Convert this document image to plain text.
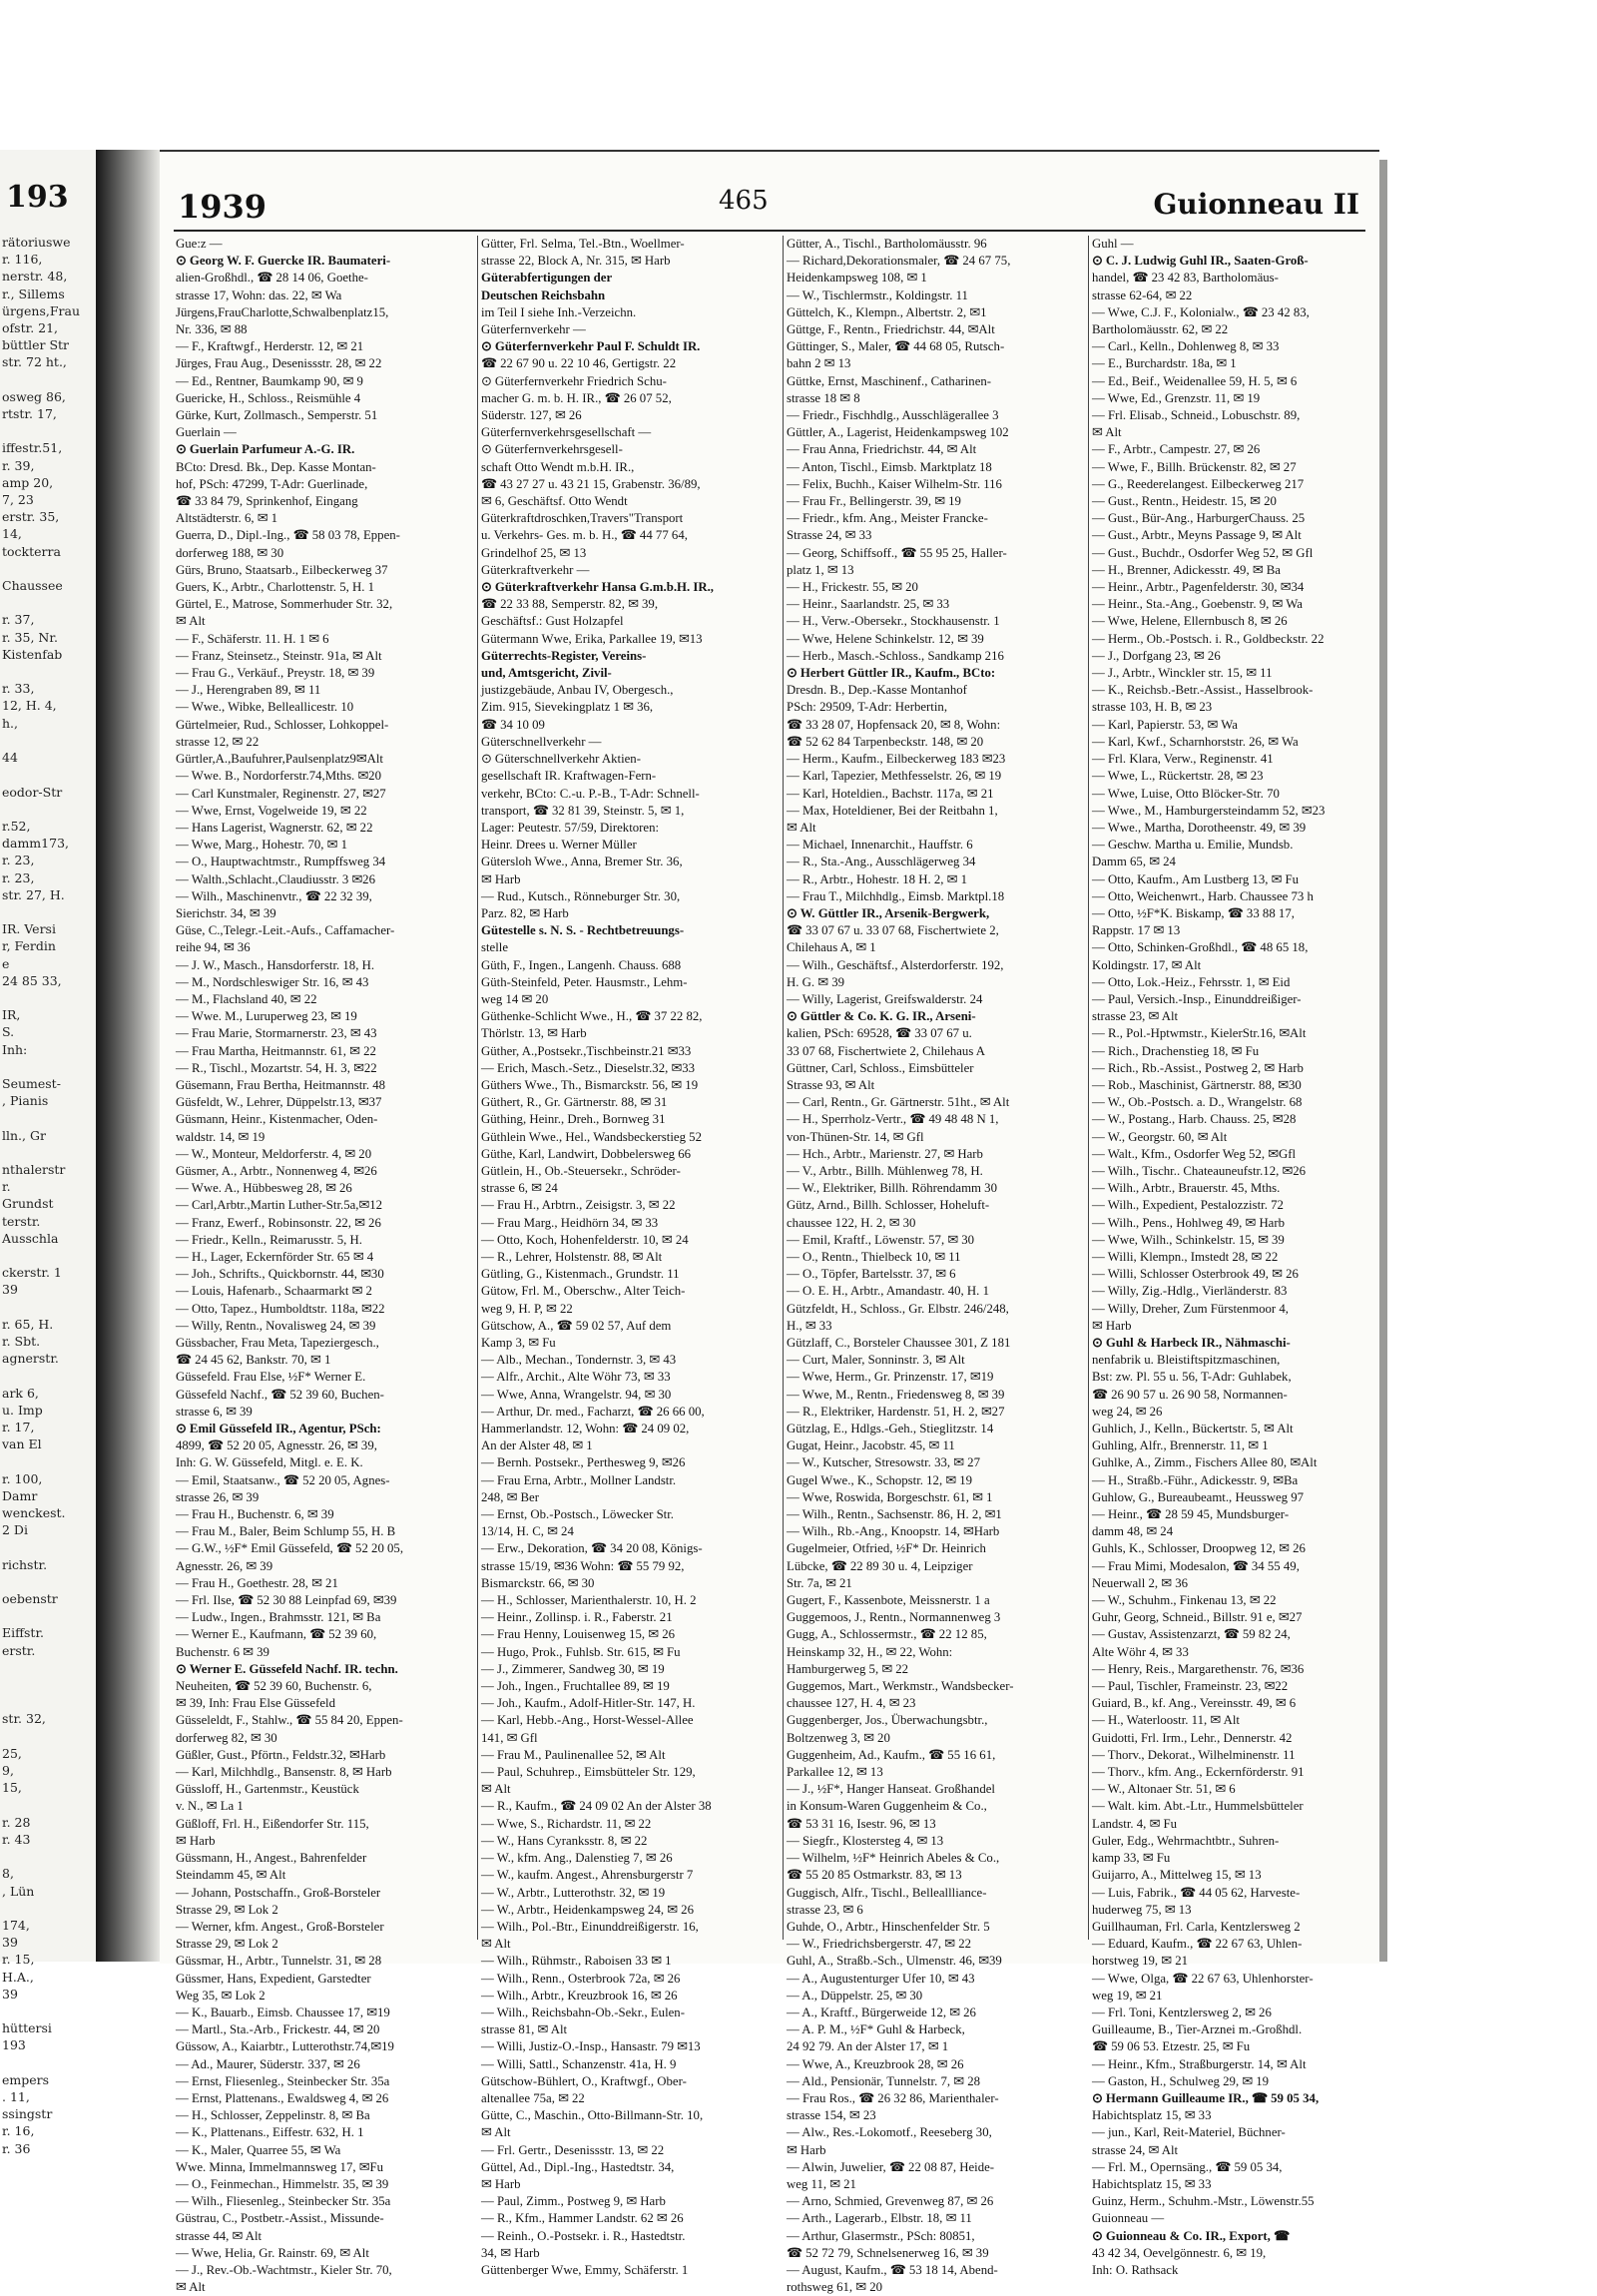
193
rätoriuswe
r. 116,
nerstr. 48,
r., Sillems
ürgens,Frau
ofstr. 21,
büttler Str
str. 72 ht.,

osweg 86,
rtstr. 17,

iffestr.51,
r. 39,
amp 20,
7, 23
erstr. 35,
14,
tockterra

Chaussee

r. 37,
r. 35, Nr.
Kistenfab

r. 33,
12, H. 4,
h.,

44

eodor-Str

r.52,
damm173,
r. 23,
r. 23,
str. 27, H.

IR. Versi
r, Ferdin
e
24 85 33,

IR,
S.
Inh:

Seumest-
, Pianis

lln., Gr

nthalerstr
r.
Grundst
terstr.
Ausschla

ckerstr. 1
39

r. 65, H.
r. Sbt.
agnerstr.

ark 6,
u. Imp
r. 17,
van El

r. 100,
Damr
wenckest.
2 Di

richstr.

oebenstr

Eiffstr.
erstr.

str. 32,

25,
9,
15,

r. 28
r. 43

8,
, Lün

174,
39
r. 15,
H.A.,
39

hüttersi
193

empers
. 11,
ssingstr
r. 16,
r. 36
1939	465	Guionneau II
Gue:z —
⊙ Georg W. F. Guercke IR. Baumateri-
alien-Großhdl., ☎ 28 14 06, Goethe-
strasse 17, Wohn: das. 22, ✉ Wa
Jürgens,FrauCharlotte,Schwalbenplatz15,
Nr. 336, ✉ 88
— F., Kraftwgf., Herderstr. 12, ✉ 21
Jürges, Frau Aug., Desenissstr. 28, ✉ 22
— Ed., Rentner, Baumkamp 90, ✉ 9
Guericke, H., Schloss., Reismühle 4
Gürke, Kurt, Zollmasch., Semperstr. 51
Guerlain —
⊙ Guerlain Parfumeur A.-G. IR.
BCto: Dresd. Bk., Dep. Kasse Montan-
hof, PSch: 47299, T-Adr: Guerlinade,
☎ 33 84 79, Sprinkenhof, Eingang
Altstädterstr. 6, ✉ 1
Guerra, D., Dipl.-Ing., ☎ 58 03 78, Eppen-
dorferweg 188, ✉ 30
Gürs, Bruno, Staatsarb., Eilbeckerweg 37
Guers, K., Arbtr., Charlottenstr. 5, H. 1
Gürtel, E., Matrose, Sommerhuder Str. 32,
✉ Alt
— F., Schäferstr. 11. H. 1 ✉ 6
— Franz, Steinsetz., Steinstr. 91a, ✉ Alt
— Frau G., Verkäuf., Preystr. 18, ✉ 39
— J., Herengraben 89, ✉ 11
— Wwe., Wibke, Belleallicestr. 10
Gürtelmeier, Rud., Schlosser, Lohkoppel-
strasse 12, ✉ 22
Gürtler,A.,Baufuhrer,Paulsenplatz9✉Alt
— Wwe. B., Nordorferstr.74,Mths. ✉20
— Carl Kunstmaler, Reginenstr. 27, ✉27
— Wwe, Ernst, Vogelweide 19, ✉ 22
— Hans Lagerist, Wagnerstr. 62, ✉ 22
— Wwe, Marg., Hohestr. 70, ✉ 1
— O., Hauptwachtmstr., Rumpffsweg 34
— Walth.,Schlacht.,Claudiusstr. 3 ✉26
— Wilh., Maschinenvtr., ☎ 22 32 39,
Sierichstr. 34, ✉ 39
Güse, C.,Telegr.-Leit.-Aufs., Caffamacher-
reihe 94, ✉ 36
— J. W., Masch., Hansdorferstr. 18, H.
— M., Nordschleswiger Str. 16, ✉ 43
— M., Flachsland 40, ✉ 22
— Wwe. M., Luruperweg 23, ✉ 19
— Frau Marie, Stormarnerstr. 23, ✉ 43
— Frau Martha, Heitmannstr. 61, ✉ 22
— R., Tischl., Mozartstr. 54, H. 3, ✉22
Güsemann, Frau Bertha, Heitmannstr. 48
Güsfeldt, W., Lehrer, Düppelstr.13, ✉37
Güsmann, Heinr., Kistenmacher, Oden-
waldstr. 14, ✉ 19
— W., Monteur, Meldorferstr. 4, ✉ 20
Güsmer, A., Arbtr., Nonnenweg 4, ✉26
— Wwe. A., Hübbesweg 28, ✉ 26
— Carl,Arbtr.,Martin Luther-Str.5a,✉12
— Franz, Ewerf., Robinsonstr. 22, ✉ 26
— Friedr., Kelln., Reimarusstr. 5, H.
— H., Lager, Eckernförder Str. 65 ✉ 4
— Joh., Schrifts., Quickbornstr. 44, ✉30
— Louis, Hafenarb., Schaarmarkt ✉ 2
— Otto, Tapez., Humboldtstr. 118a, ✉22
— Willy, Rentn., Novalisweg 24, ✉ 39
Güssbacher, Frau Meta, Tapeziergesch.,
☎ 24 45 62, Bankstr. 70, ✉ 1
Güssefeld. Frau Else, ½F* Werner E.
Güssefeld Nachf., ☎ 52 39 60, Buchen-
strasse 6, ✉ 39
⊙ Emil Güssefeld IR., Agentur, PSch:
4899, ☎ 52 20 05, Agnesstr. 26, ✉ 39,
Inh: G. W. Güssefeld, Mitgl. e. E. K.
— Emil, Staatsanw., ☎ 52 20 05, Agnes-
strasse 26, ✉ 39
— Frau H., Buchenstr. 6, ✉ 39
— Frau M., Baler, Beim Schlump 55, H. B
— G.W., ½F* Emil Güssefeld, ☎ 52 20 05,
Agnesstr. 26, ✉ 39
— Frau H., Goethestr. 28, ✉ 21
— Frl. Ilse, ☎ 52 30 88 Leinpfad 69, ✉39
— Ludw., Ingen., Brahmsstr. 121, ✉ Ba
— Werner E., Kaufmann, ☎ 52 39 60,
Buchenstr. 6 ✉ 39
⊙ Werner E. Güssefeld Nachf. IR. techn.
Neuheiten, ☎ 52 39 60, Buchenstr. 6,
✉ 39, Inh: Frau Else Güssefeld
Güsseleldt, F., Stahlw., ☎ 55 84 20, Eppen-
dorferweg 82, ✉ 30
Güßler, Gust., Pförtn., Feldstr.32, ✉Harb
— Karl, Milchhdlg., Bansenstr. 8, ✉ Harb
Güssloff, H., Gartenmstr., Keustück
v. N., ✉ La 1
Güßloff, Frl. H., Eißendorfer Str. 115,
✉ Harb
Güssmann, H., Angest., Bahrenfelder
Steindamm 45, ✉ Alt
— Johann, Postschaffn., Groß-Borsteler
Strasse 29, ✉ Lok 2
— Werner, kfm. Angest., Groß-Borsteler
Strasse 29, ✉ Lok 2
Güssmar, H., Arbtr., Tunnelstr. 31, ✉ 28
Güssmer, Hans, Expedient, Garstedter
Weg 35, ✉ Lok 2
— K., Bauarb., Eimsb. Chaussee 17, ✉19
— Martl., Sta.-Arb., Frickestr. 44, ✉ 20
Güssow, A., Kaiarbtr., Lutterothstr.74,✉19
— Ad., Maurer, Süderstr. 337, ✉ 26
— Ernst, Fliesenleg., Steinbecker Str. 35a
— Ernst, Plattenans., Ewaldsweg 4, ✉ 26
— H., Schlosser, Zeppelinstr. 8, ✉ Ba
— K., Plattenans., Eiffestr. 632, H. 1
— K., Maler, Quarree 55, ✉ Wa
Wwe. Minna, Immelmannsweg 17, ✉Fu
— O., Feinmechan., Himmelstr. 35, ✉ 39
— Wilh., Fliesenleg., Steinbecker Str. 35a
Güstrau, C., Postbetr.-Assist., Missunde-
strasse 44, ✉ Alt
— Wwe, Helia, Gr. Rainstr. 69, ✉ Alt
— J., Rev.-Ob.-Wachtmstr., Kieler Str. 70,
✉ Alt
Gütter, Frl. Selma, Tel.-Btn., Woellmer-
strasse 22, Block A, Nr. 315, ✉ Harb
Güterabfertigungen der
Deutschen Reichsbahn
im Teil I siehe Inh.-Verzeichn.
Güterfernverkehr —
⊙ Güterfernverkehr Paul F. Schuldt IR.
☎ 22 67 90 u. 22 10 46, Gertigstr. 22
⊙ Güterfernverkehr Friedrich Schu-
macher G. m. b. H. IR., ☎ 26 07 52,
Süderstr. 127, ✉ 26
Güterfernverkehrsgesellschaft —
⊙ Güterfernverkehrsgesell-
schaft Otto Wendt m.b.H. IR.,
☎ 43 27 27 u. 43 21 15, Grabenstr. 36/89,
✉ 6, Geschäftsf. Otto Wendt
Güterkraftdroschken,Travers"Transport
u. Verkehrs- Ges. m. b. H., ☎ 44 77 64,
Grindelhof 25, ✉ 13
Güterkraftverkehr —
⊙ Güterkraftverkehr Hansa G.m.b.H. IR.,
☎ 22 33 88, Semperstr. 82, ✉ 39,
Geschäftsf.: Gust Holzapfel
Gütermann Wwe, Erika, Parkallee 19, ✉13
Güterrechts-Register, Vereins-
und, Amtsgericht, Zivil-
justizgebäude, Anbau IV, Obergesch.,
Zim. 915, Sievekingplatz 1 ✉ 36,
☎ 34 10 09
Güterschnellverkehr —
⊙ Güterschnellverkehr Aktien-
gesellschaft IR. Kraftwagen-Fern-
verkehr, BCto: C.-u. P.-B., T-Adr: Schnell-
transport, ☎ 32 81 39, Steinstr. 5, ✉ 1,
Lager: Peutestr. 57/59, Direktoren:
Heinr. Drees u. Werner Müller
Gütersloh Wwe., Anna, Bremer Str. 36,
✉ Harb
— Rud., Kutsch., Rönneburger Str. 30,
Parz. 82, ✉ Harb
Gütestelle s. N. S. - Rechtbetreuungs-
stelle
Güth, F., Ingen., Langenh. Chauss. 688
Güth-Steinfeld, Peter. Hausmstr., Lehm-
weg 14 ✉ 20
Güthenke-Schlicht Wwe., H., ☎ 37 22 82,
Thörlstr. 13, ✉ Harb
Güther, A.,Postsekr.,Tischbeinstr.21 ✉33
— Erich, Masch.-Setz., Dieselstr.32, ✉33
Güthers Wwe., Th., Bismarckstr. 56, ✉ 19
Güthert, R., Gr. Gärtnerstr. 88, ✉ 31
Güthing, Heinr., Dreh., Bornweg 31
Güthlein Wwe., Hel., Wandsbeckerstieg 52
Güthe, Karl, Landwirt, Dobbelersweg 66
Gütlein, H., Ob.-Steuersekr., Schröder-
strasse 6, ✉ 24
— Frau H., Arbtrn., Zeisigstr. 3, ✉ 22
— Frau Marg., Heidhörn 34, ✉ 33
— Otto, Koch, Hohenfelderstr. 10, ✉ 24
— R., Lehrer, Holstenstr. 88, ✉ Alt
Gütling, G., Kistenmach., Grundstr. 11
Gütow, Frl. M., Oberschw., Alter Teich-
weg 9, H. P, ✉ 22
Gütschow, A., ☎ 59 02 57, Auf dem
Kamp 3, ✉ Fu
— Alb., Mechan., Tondernstr. 3, ✉ 43
— Alfr., Archit., Alte Wöhr 73, ✉ 33
— Wwe, Anna, Wrangelstr. 94, ✉ 30
— Arthur, Dr. med., Facharzt, ☎ 26 66 00,
Hammerlandstr. 12, Wohn: ☎ 24 09 02,
An der Alster 48, ✉ 1
— Bernh. Postsekr., Perthesweg 9, ✉26
— Frau Erna, Arbtr., Mollner Landstr.
248, ✉ Ber
— Ernst, Ob.-Postsch., Löwecker Str.
13/14, H. C, ✉ 24
— Erw., Dekoration, ☎ 34 20 08, Königs-
strasse 15/19, ✉36 Wohn: ☎ 55 79 92,
Bismarckstr. 66, ✉ 30
— H., Schlosser, Marienthalerstr. 10, H. 2
— Heinr., Zollinsp. i. R., Faberstr. 21
— Frau Henny, Louisenweg 15, ✉ 26
— Hugo, Prok., Fuhlsb. Str. 615, ✉ Fu
— J., Zimmerer, Sandweg 30, ✉ 19
— Joh., Ingen., Fruchtallee 89, ✉ 19
— Joh., Kaufm., Adolf-Hitler-Str. 147, H.
— Karl, Hebb.-Ang., Horst-Wessel-Allee
141, ✉ Gfl
— Frau M., Paulinenallee 52, ✉ Alt
— Paul, Schuhrep., Eimsbütteler Str. 129,
✉ Alt
— R., Kaufm., ☎ 24 09 02 An der Alster 38
— Wwe, S., Richardstr. 11, ✉ 22
— W., Hans Cyranksstr. 8, ✉ 22
— W., kfm. Ang., Dalenstieg 7, ✉ 26
— W., kaufm. Angest., Ahrensburgerstr 7
— W., Arbtr., Lutterothstr. 32, ✉ 19
— W., Arbtr., Heidenkampsweg 24, ✉ 26
— Wilh., Pol.-Btr., Einunddreißigerstr. 16,
✉ Alt
— Wilh., Rühmstr., Raboisen 33 ✉ 1
— Wilh., Renn., Osterbrook 72a, ✉ 26
— Wilh., Arbtr., Kreuzbrook 16, ✉ 26
— Wilh., Reichsbahn-Ob.-Sekr., Eulen-
strasse 81, ✉ Alt
— Willi, Justiz-O.-Insp., Hansastr. 79 ✉13
— Willi, Sattl., Schanzenstr. 41a, H. 9
Gütschow-Bühlert, O., Kraftwgf., Ober-
altenallee 75a, ✉ 22
Gütte, C., Maschin., Otto-Billmann-Str. 10,
✉ Alt
— Frl. Gertr., Desenissstr. 13, ✉ 22
Güttel, Ad., Dipl.-Ing., Hastedtstr. 34,
✉ Harb
— Paul, Zimm., Postweg 9, ✉ Harb
— R., Kfm., Hammer Landstr. 62 ✉ 26
— Reinh., O.-Postsekr. i. R., Hastedtstr.
34, ✉ Harb
Güttenberger Wwe, Emmy, Schäferstr. 1
Gütter, A., Tischl., Bartholomäusstr. 96
— Richard,Dekorationsmaler, ☎ 24 67 75,
Heidenkampsweg 108, ✉ 1
— W., Tischlermstr., Koldingstr. 11
Güttelch, K., Klempn., Albertstr. 2, ✉1
Güttge, F., Rentn., Friedrichstr. 44, ✉Alt
Güttinger, S., Maler, ☎ 44 68 05, Rutsch-
bahn 2 ✉ 13
Güttke, Ernst, Maschinenf., Catharinen-
strasse 18 ✉ 8
— Friedr., Fischhdlg., Ausschlägerallee 3
Güttler, A., Lagerist, Heidenkampsweg 102
— Frau Anna, Friedrichstr. 44, ✉ Alt
— Anton, Tischl., Eimsb. Marktplatz 18
— Felix, Buchh., Kaiser Wilhelm-Str. 116
— Frau Fr., Bellingerstr. 39, ✉ 19
— Friedr., kfm. Ang., Meister Francke-
Strasse 24, ✉ 33
— Georg, Schiffsoff., ☎ 55 95 25, Haller-
platz 1, ✉ 13
— H., Frickestr. 55, ✉ 20
— Heinr., Saarlandstr. 25, ✉ 33
— H., Verw.-Obersekr., Stockhausenstr. 1
— Wwe, Helene Schinkelstr. 12, ✉ 39
— Herb., Masch.-Schloss., Sandkamp 216
⊙ Herbert Güttler IR., Kaufm., BCto:
Dresdn. B., Dep.-Kasse Montanhof
PSch: 29509, T-Adr: Herbertin,
☎ 33 28 07, Hopfensack 20, ✉ 8, Wohn:
☎ 52 62 84 Tarpenbeckstr. 148, ✉ 20
— Herm., Kaufm., Eilbeckerweg 183 ✉23
— Karl, Tapezier, Methfesselstr. 26, ✉ 19
— Karl, Hoteldien., Bachstr. 117a, ✉ 21
— Max, Hoteldiener, Bei der Reitbahn 1,
✉ Alt
— Michael, Innenarchit., Hauffstr. 6
— R., Sta.-Ang., Ausschlägerweg 34
— R., Arbtr., Hohestr. 18 H. 2, ✉ 1
— Frau T., Milchhdlg., Eimsb. Marktpl.18
⊙ W. Güttler IR., Arsenik-Bergwerk,
☎ 33 07 67 u. 33 07 68, Fischertwiete 2,
Chilehaus A, ✉ 1
— Wilh., Geschäftsf., Alsterdorferstr. 192,
H. G. ✉ 39
— Willy, Lagerist, Greifswalderstr. 24
⊙ Güttler & Co. K. G. IR., Arseni-
kalien, PSch: 69528, ☎ 33 07 67 u.
33 07 68, Fischertwiete 2, Chilehaus A
Güttner, Carl, Schloss., Eimsbütteler
Strasse 93, ✉ Alt
— Carl, Rentn., Gr. Gärtnerstr. 51ht., ✉ Alt
— H., Sperrholz-Vertr., ☎ 49 48 48 N 1,
von-Thünen-Str. 14, ✉ Gfl
— Hch., Arbtr., Marienstr. 27, ✉ Harb
— V., Arbtr., Billh. Mühlenweg 78, H.
— W., Elektriker, Billh. Röhrendamm 30
Gütz, Arnd., Billh. Schlosser, Hoheluft-
chaussee 122, H. 2, ✉ 30
— Emil, Kraftf., Löwenstr. 57, ✉ 30
— O., Rentn., Thielbeck 10, ✉ 11
— O., Töpfer, Bartelsstr. 37, ✉ 6
— O. E. H., Arbtr., Amandastr. 40, H. 1
Gützfeldt, H., Schloss., Gr. Elbstr. 246/248,
H., ✉ 33
Gützlaff, C., Borsteler Chaussee 301, Z 181
— Curt, Maler, Sonninstr. 3, ✉ Alt
— Wwe, Herm., Gr. Prinzenstr. 17, ✉19
— Wwe, M., Rentn., Friedensweg 8, ✉ 39
— R., Elektriker, Hardenstr. 51, H. 2, ✉27
Gützlag, E., Hdlgs.-Geh., Stieglitzstr. 14
Gugat, Heinr., Jacobstr. 45, ✉ 11
— W., Kutscher, Stresowstr. 33, ✉ 27
Gugel Wwe., K., Schopstr. 12, ✉ 19
— Wwe, Roswida, Borgeschstr. 61, ✉ 1
— Wilh., Rentn., Sachsenstr. 86, H. 2, ✉1
— Wilh., Rb.-Ang., Knoopstr. 14, ✉Harb
Gugelmeier, Otfried, ½F* Dr. Heinrich
Lübcke, ☎ 22 89 30 u. 4, Leipziger
Str. 7a, ✉ 21
Gugert, F., Kassenbote, Meissnerstr. 1 a
Guggemoos, J., Rentn., Normannenweg 3
Gugg, A., Schlossermstr., ☎ 22 12 85,
Heinskamp 32, H., ✉ 22, Wohn:
Hamburgerweg 5, ✉ 22
Guggemos, Mart., Werkmstr., Wandsbecker-
chaussee 127, H. 4, ✉ 23
Guggenberger, Jos., Überwachungsbtr.,
Boltzenweg 3, ✉ 20
Guggenheim, Ad., Kaufm., ☎ 55 16 61,
Parkallee 12, ✉ 13
— J., ½F*, Hanger Hanseat. Großhandel
in Konsum-Waren Guggenheim & Co.,
☎ 53 31 16, Isestr. 96, ✉ 13
— Siegfr., Klostersteg 4, ✉ 13
— Wilhelm, ½F* Heinrich Abeles & Co.,
☎ 55 20 85 Ostmarkstr. 83, ✉ 13
Guggisch, Alfr., Tischl., Belleallliance-
strasse 23, ✉ 6
Guhde, O., Arbtr., Hinschenfelder Str. 5
— W., Friedrichsbergerstr. 47, ✉ 22
Guhl, A., Straßb.-Sch., Ulmenstr. 46, ✉39
— A., Augustenturger Ufer 10, ✉ 43
— A., Düppelstr. 25, ✉ 30
— A., Kraftf., Bürgerweide 12, ✉ 26
— A. P. M., ½F* Guhl & Harbeck,
24 92 79. An der Alster 17, ✉ 1
— Wwe, A., Kreuzbrook 28, ✉ 26
— Ald., Pensionär, Tunnelstr. 7, ✉ 28
— Frau Ros., ☎ 26 32 86, Marienthaler-
strasse 154, ✉ 23
— Alw., Res.-Lokomotf., Reeseberg 30,
✉ Harb
— Alwin, Juwelier, ☎ 22 08 87, Heide-
weg 11, ✉ 21
— Arno, Schmied, Grevenweg 87, ✉ 26
— Arth., Lagerarb., Elbstr. 18, ✉ 11
— Arthur, Glasermstr., PSch: 80851,
☎ 52 72 79, Schnelsenerweg 16, ✉ 39
— August, Kaufm., ☎ 53 18 14, Abend-
rothsweg 61, ✉ 20
Guhl —
⊙ C. J. Ludwig Guhl IR., Saaten-Groß-
handel, ☎ 23 42 83, Bartholomäus-
strasse 62-64, ✉ 22
— Wwe, C.J. F., Kolonialw., ☎ 23 42 83,
Bartholomäusstr. 62, ✉ 22
— Carl., Kelln., Dohlenweg 8, ✉ 33
— E., Burchardstr. 18a, ✉ 1
— Ed., Beif., Weidenallee 59, H. 5, ✉ 6
— Wwe, Ed., Grenzstr. 11, ✉ 19
— Frl. Elisab., Schneid., Lobuschstr. 89,
✉ Alt
— F., Arbtr., Campestr. 27, ✉ 26
— Wwe, F., Billh. Brückenstr. 82, ✉ 27
— G., Reederelangest. Eilbeckerweg 217
— Gust., Rentn., Heidestr. 15, ✉ 20
— Gust., Bür-Ang., HarburgerChauss. 25
— Gust., Arbtr., Meyns Passage 9, ✉ Alt
— Gust., Buchdr., Osdorfer Weg 52, ✉ Gfl
— H., Brenner, Adickesstr. 49, ✉ Ba
— Heinr., Arbtr., Pagenfelderstr. 30, ✉34
— Heinr., Sta.-Ang., Goebenstr. 9, ✉ Wa
— Wwe, Helene, Ellernbusch 8, ✉ 26
— Herm., Ob.-Postsch. i. R., Goldbeckstr. 22
— J., Dorfgang 23, ✉ 26
— J., Arbtr., Winckler str. 15, ✉ 11
— K., Reichsb.-Betr.-Assist., Hasselbrook-
strasse 103, H. B, ✉ 23
— Karl, Papierstr. 53, ✉ Wa
— Karl, Kwf., Scharnhorststr. 26, ✉ Wa
— Frl. Klara, Verw., Reginenstr. 41
— Wwe, L., Rückertstr. 28, ✉ 23
— Wwe, Luise, Otto Blöcker-Str. 70
— Wwe., M., Hamburgersteindamm 52, ✉23
— Wwe., Martha, Dorotheenstr. 49, ✉ 39
— Geschw. Martha u. Emilie, Mundsb.
Damm 65, ✉ 24
— Otto, Kaufm., Am Lustberg 13, ✉ Fu
— Otto, Weichenwrt., Harb. Chaussee 73 h
— Otto, ½F*K. Biskamp, ☎ 33 88 17,
Rappstr. 17 ✉ 13
— Otto, Schinken-Großhdl., ☎ 48 65 18,
Koldingstr. 17, ✉ Alt
— Otto, Lok.-Heiz., Fehrsstr. 1, ✉ Eid
— Paul, Versich.-Insp., Einunddreißiger-
strasse 23, ✉ Alt
— R., Pol.-Hptwmstr., KielerStr.16, ✉Alt
— Rich., Drachenstieg 18, ✉ Fu
— Rich., Rb.-Assist., Postweg 2, ✉ Harb
— Rob., Maschinist, Gärtnerstr. 88, ✉30
— W., Ob.-Postsch. a. D., Wrangelstr. 68
— W., Postang., Harb. Chauss. 25, ✉28
— W., Georgstr. 60, ✉ Alt
— Walt., Kfm., Osdorfer Weg 52, ✉Gfl
— Wilh., Tischr.. Chateauneufstr.12, ✉26
— Wilh., Arbtr., Brauerstr. 45, Mths.
— Wilh., Expedient, Pestalozzistr. 72
— Wilh., Pens., Hohlweg 49, ✉ Harb
— Wwe, Wilh., Schinkelstr. 15, ✉ 39
— Willi, Klempn., Imstedt 28, ✉ 22
— Willi, Schlosser Osterbrook 49, ✉ 26
— Willy, Zig.-Hdlg., Vierländerstr. 83
— Willy, Dreher, Zum Fürstenmoor 4,
✉ Harb
⊙ Guhl & Harbeck IR., Nähmaschi-
nenfabrik u. Bleistiftspitzmaschinen,
Bst: zw. Pl. 55 u. 56, T-Adr: Guhlabek,
☎ 26 90 57 u. 26 90 58, Normannen-
weg 24, ✉ 26
Guhlich, J., Kelln., Bückertstr. 5, ✉ Alt
Guhling, Alfr., Brennerstr. 11, ✉ 1
Guhlke, A., Zimm., Fischers Allee 80, ✉Alt
— H., Straßb.-Führ., Adickesstr. 9, ✉Ba
Guhlow, G., Bureaubeamt., Heussweg 97
— Heinr., ☎ 28 59 45, Mundsburger-
damm 48, ✉ 24
Guhls, K., Schlosser, Droopweg 12, ✉ 26
— Frau Mimi, Modesalon, ☎ 34 55 49,
Neuerwall 2, ✉ 36
— W., Schuhm., Finkenau 13, ✉ 22
Guhr, Georg, Schneid., Billstr. 91 e, ✉27
— Gustav, Assistenzarzt, ☎ 59 82 24,
Alte Wöhr 4, ✉ 33
— Henry, Reis., Margarethenstr. 76, ✉36
— Paul, Tischler, Frameinstr. 23, ✉22
Guiard, B., kf. Ang., Vereinsstr. 49, ✉ 6
— H., Waterloostr. 11, ✉ Alt
Guidotti, Frl. Irm., Lehr., Dennerstr. 42
— Thorv., Dekorat., Wilhelminenstr. 11
— Thorv., kfm. Ang., Eckernförderstr. 91
— W., Altonaer Str. 51, ✉ 6
— Walt. kim. Abt.-Ltr., Hummelsbütteler
Landstr. 4, ✉ Fu
Guler, Edg., Wehrmachtbtr., Suhren-
kamp 33, ✉ Fu
Guijarro, A., Mittelweg 15, ✉ 13
— Luis, Fabrik., ☎ 44 05 62, Harveste-
huderweg 75, ✉ 13
Guillhauman, Frl. Carla, Kentzlersweg 2
— Eduard, Kaufm., ☎ 22 67 63, Uhlen-
horstweg 19, ✉ 21
— Wwe, Olga, ☎ 22 67 63, Uhlenhorster-
weg 19, ✉ 21
— Frl. Toni, Kentzlersweg 2, ✉ 26
Guilleaume, B., Tier-Arznei m.-Großhdl.
☎ 59 06 53. Etzestr. 25, ✉ Fu
— Heinr., Kfm., Straßburgerstr. 14, ✉ Alt
— Gaston, H., Schulweg 29, ✉ 19
⊙ Hermann Guilleaume IR., ☎ 59 05 34,
Habichtsplatz 15, ✉ 33
— jun., Karl, Reit-Materiel, Büchner-
strasse 24, ✉ Alt
— Frl. M., Opernsäng., ☎ 59 05 34,
Habichtsplatz 15, ✉ 33
Guinz, Herm., Schuhm.-Mstr., Löwenstr.55
Guionneau —
⊙ Guionneau & Co. IR., Export, ☎
43 42 34, Oevelgönnestr. 6, ✉ 19,
Inh: O. Rathsack
